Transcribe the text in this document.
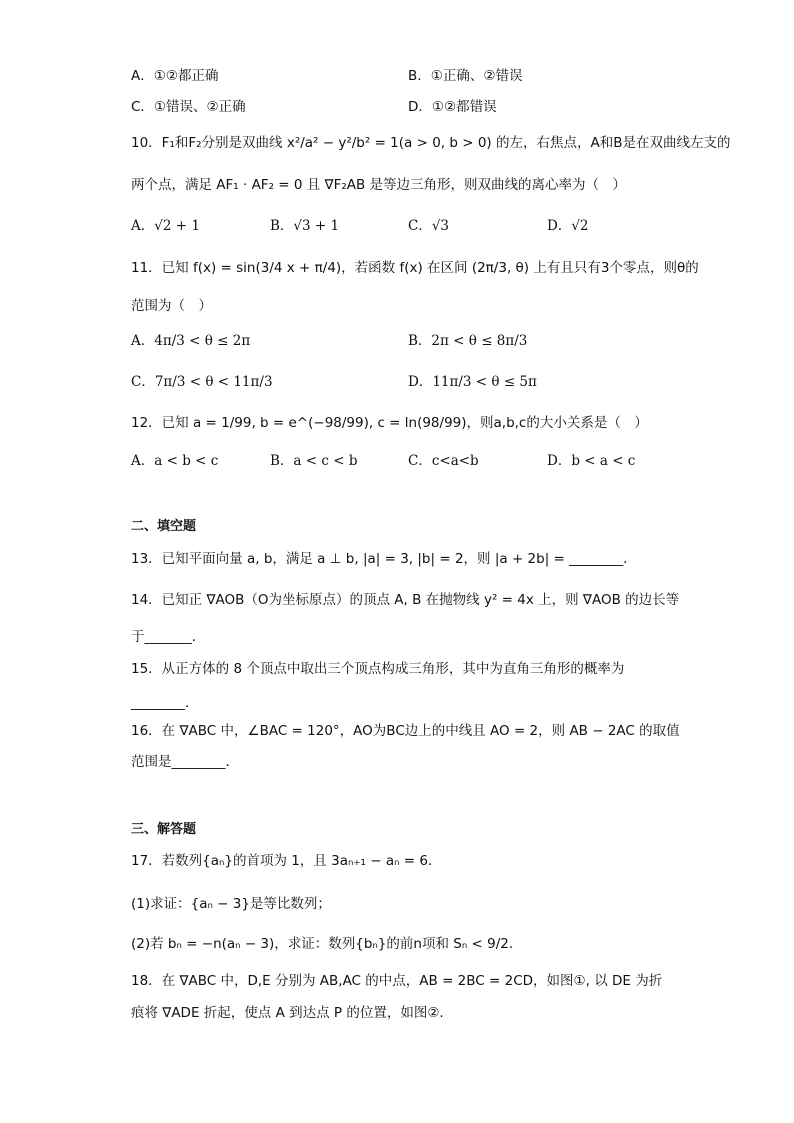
A．①②都正确	B．①正确、②错误
C．①错误、②正确	D．①②都错误
10．F₁和F₂分别是双曲线 x²/a² − y²/b² = 1(a > 0, b > 0) 的左，右焦点，A和B是在双曲线左支的
两个点，满足 AF₁ · AF₂ = 0 且 ∇F₂AB 是等边三角形，则双曲线的离心率为（　）
A．√2 + 1	B．√3 + 1	C．√3	D．√2
11．已知 f(x) = sin(3/4 x + π/4)，若函数 f(x) 在区间 (2π/3, θ) 上有且只有3个零点，则θ的
范围为（　）
A．4π/3 < θ ≤ 2π	B．2π < θ ≤ 8π/3
C．7π/3 < θ < 11π/3	D．11π/3 < θ ≤ 5π
12．已知 a = 1/99, b = e^(−98/99), c = ln(98/99)，则a,b,c的大小关系是（　）
A．a < b < c	B．a < c < b	C．c<a<b	D．b < a < c
二、填空题
13．已知平面向量 a, b，满足 a ⊥ b, |a| = 3, |b| = 2，则 |a + 2b| = ________．
14．已知正 ∇AOB（O为坐标原点）的顶点 A, B 在抛物线 y² = 4x 上，则 ∇AOB 的边长等
于_______．
15．从正方体的 8 个顶点中取出三个顶点构成三角形，其中为直角三角形的概率为
________．
16．在 ∇ABC 中，∠BAC = 120°，AO为BC边上的中线且 AO = 2，则 AB − 2AC 的取值
范围是________．
三、解答题
17．若数列{aₙ}的首项为 1，且 3aₙ₊₁ − aₙ = 6．
(1)求证：{aₙ − 3}是等比数列；
(2)若 bₙ = −n(aₙ − 3)，求证：数列{bₙ}的前n项和 Sₙ < 9/2．
18．在 ∇ABC 中，D,E 分别为 AB,AC 的中点，AB = 2BC = 2CD，如图①, 以 DE 为折
痕将 ∇ADE 折起，使点 A 到达点 P 的位置，如图②.
